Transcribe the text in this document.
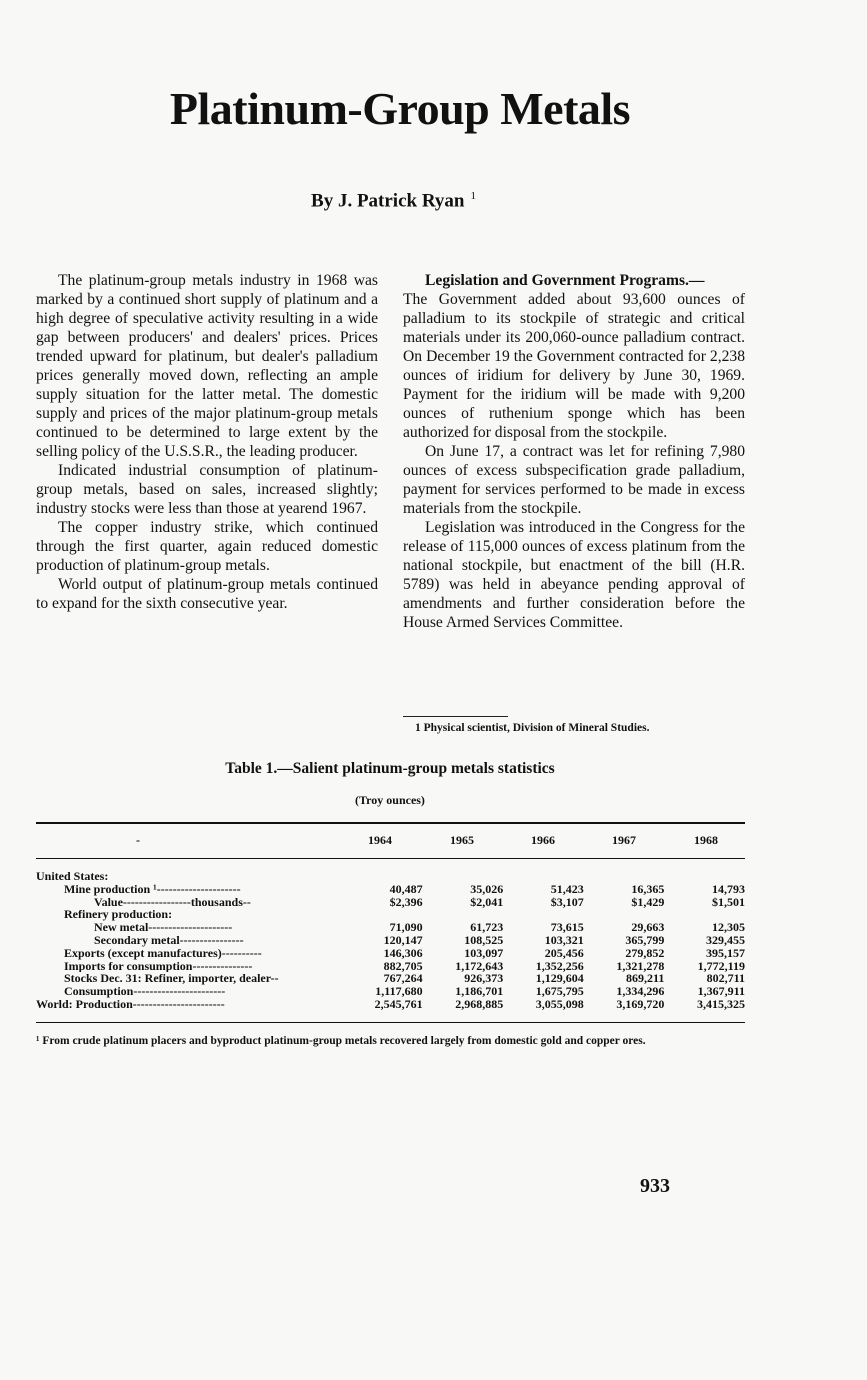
Platinum-Group Metals
By J. Patrick Ryan $^1$

The platinum-group metals industry in 1968 was marked by a continued short supply of platinum and a high degree of speculative activity resulting in a wide gap between producers' and dealers' prices. Prices trended upward for platinum, but dealer's palladium prices generally moved down, reflecting an ample supply situation for the latter metal. The domestic supply and prices of the major platinum-group metals continued to be determined to large extent by the selling policy of the U.S.S.R., the leading producer.

Indicated industrial consumption of platinum-group metals, based on sales, increased slightly; industry stocks were less than those at yearend 1967.

The copper industry strike, which continued through the first quarter, again reduced domestic production of platinum-group metals.

World output of platinum-group metals continued to expand for the sixth consecutive year.

Legislation and Government Programs.—

The Government added about 93,600 ounces of palladium to its stockpile of strategic and critical materials under its 200,060-ounce palladium contract. On December 19 the Government contracted for 2,238 ounces of iridium for delivery by June 30, 1969. Payment for the iridium will be made with 9,200 ounces of ruthenium sponge which has been authorized for disposal from the stockpile.

On June 17, a contract was let for refining 7,980 ounces of excess subspecification grade palladium, payment for services performed to be made in excess materials from the stockpile.

Legislation was introduced in the Congress for the release of 115,000 ounces of excess platinum from the national stockpile, but enactment of the bill (H.R. 5789) was held in abeyance pending approval of amendments and further consideration before the House Armed Services Committee.

1 Physical scientist, Division of Mineral Studies.
Table 1.—Salient platinum-group metals statistics
(Troy ounces)
-	1964	1965	1966	1967	1968
United States:
Mine production ¹---------------------	40,487	35,026	51,423	16,365	14,793
Value-----------------thousands--	$2,396	$2,041	$3,107	$1,429	$1,501
Refinery production:
New metal---------------------	71,090	61,723	73,615	29,663	12,305
Secondary metal----------------	120,147	108,525	103,321	365,799	329,455
Exports (except manufactures)----------	146,306	103,097	205,456	279,852	395,157
Imports for consumption---------------	882,705	1,172,643	1,352,256	1,321,278	1,772,119
Stocks Dec. 31: Refiner, importer, dealer--	767,264	926,373	1,129,604	869,211	802,711
Consumption-----------------------	1,117,680	1,186,701	1,675,795	1,334,296	1,367,911
World: Production-----------------------	2,545,761	2,968,885	3,055,098	3,169,720	3,415,325
¹ From crude platinum placers and byproduct platinum-group metals recovered largely from domestic gold and copper ores.
933
